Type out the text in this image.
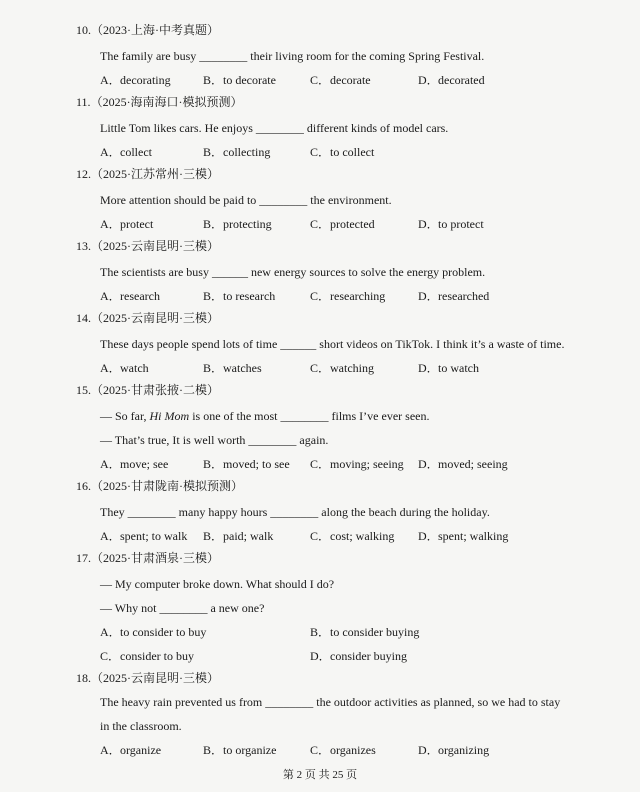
10.（2023·上海·中考真题）
The family are busy ________ their living room for the coming Spring Festival.
A．decorating	B．to decorate	C．decorate	D．decorated
11.（2025·海南海口·模拟预测）
Little Tom likes cars. He enjoys ________ different kinds of model cars.
A．collect	B．collecting	C．to collect
12.（2025·江苏常州·三模）
More attention should be paid to ________ the environment.
A．protect	B．protecting	C．protected	D．to protect
13.（2025·云南昆明·三模）
The scientists are busy ______ new energy sources to solve the energy problem.
A．research	B．to research	C．researching	D．researched
14.（2025·云南昆明·三模）
These days people spend lots of time ______ short videos on TikTok. I think it’s a waste of time.
A．watch	B．watches	C．watching	D．to watch
15.（2025·甘肃张掖·二模）
— So far, Hi Mom is one of the most ________ films I’ve ever seen.
— That’s true, It is well worth ________ again.
A．move; see	B．moved; to see C．moving; seeing D．moved; seeing
16.（2025·甘肃陇南·模拟预测）
They ________ many happy hours ________ along the beach during the holiday.
A．spent; to walk B．paid; walk	C．cost; walking D．spent; walking
17.（2025·甘肃酒泉·三模）
— My computer broke down. What should I do?
— Why not ________ a new one?
A．to consider to buy	B．to consider buying
C．consider to buy	D．consider buying
18.（2025·云南昆明·三模）
The heavy rain prevented us from ________ the outdoor activities as planned, so we had to stay
in the classroom.
A．organize	B．to organize	C．organizes	D．organizing
第 2 页 共 25 页
